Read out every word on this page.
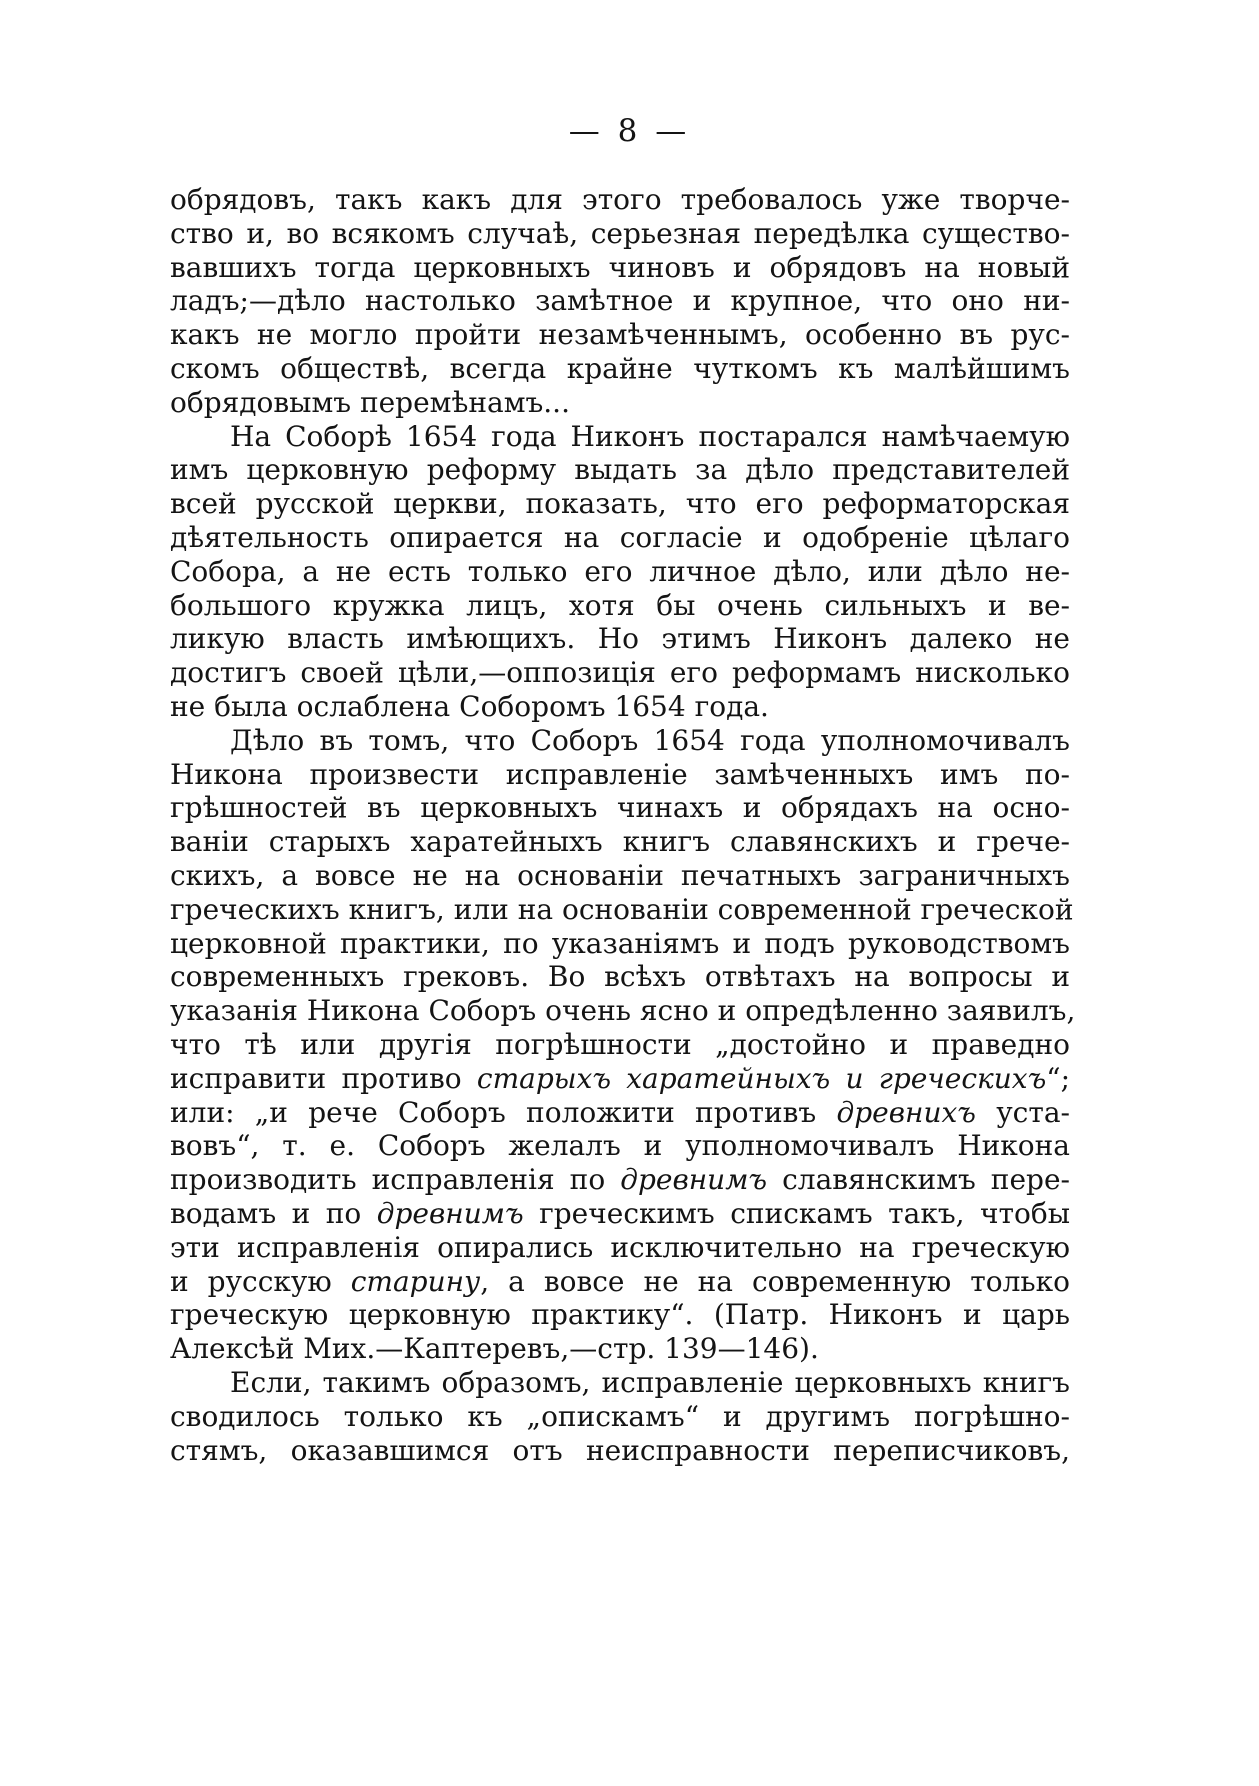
— 8 —
обрядовъ, такъ какъ для этого требовалось уже творче-
ство и, во всякомъ случаѣ, серьезная передѣлка существо-
вавшихъ тогда церковныхъ чиновъ и обрядовъ на новый
ладъ;—дѣло настолько замѣтное и крупное, что оно ни-
какъ не могло пройти незамѣченнымъ, особенно въ рус-
скомъ обществѣ, всегда крайне чуткомъ къ малѣйшимъ
обрядовымъ перемѣнамъ...
На Соборѣ 1654 года Никонъ постарался намѣчаемую
имъ церковную реформу выдать за дѣло представителей
всей русской церкви, показать, что его реформаторская
дѣятельность опирается на согласіе и одобреніе цѣлаго
Собора, а не есть только его личное дѣло, или дѣло не-
большого кружка лицъ, хотя бы очень сильныхъ и ве-
ликую власть имѣющихъ. Но этимъ Никонъ далеко не
достигъ своей цѣли,—оппозиція его реформамъ нисколько
не была ослаблена Соборомъ 1654 года.
Дѣло въ томъ, что Соборъ 1654 года уполномочивалъ
Никона произвести исправленіе замѣченныхъ имъ по-
грѣшностей въ церковныхъ чинахъ и обрядахъ на осно-
ваніи старыхъ харатейныхъ книгъ славянскихъ и грече-
скихъ, а вовсе не на основаніи печатныхъ заграничныхъ
греческихъ книгъ, или на основаніи современной греческой
церковной практики, по указаніямъ и подъ руководствомъ
современныхъ грековъ. Во всѣхъ отвѣтахъ на вопросы и
указанія Никона Соборъ очень ясно и опредѣленно заявилъ,
что тѣ или другія погрѣшности „достойно и праведно
исправити противо старыхъ харатейныхъ и греческихъ“;
или: „и рече Соборъ положити противъ древнихъ уста-
вовъ“, т. е. Соборъ желалъ и уполномочивалъ Никона
производить исправленія по древнимъ славянскимъ пере-
водамъ и по древнимъ греческимъ спискамъ такъ, чтобы
эти исправленія опирались исключительно на греческую
и русскую старину, а вовсе не на современную только
греческую церковную практику“. (Патр. Никонъ и царь
Алексѣй Мих.—Каптеревъ,—стр. 139—146).
Если, такимъ образомъ, исправленіе церковныхъ книгъ
сводилось только къ „опискамъ“ и другимъ погрѣшно-
стямъ, оказавшимся отъ неисправности переписчиковъ,
